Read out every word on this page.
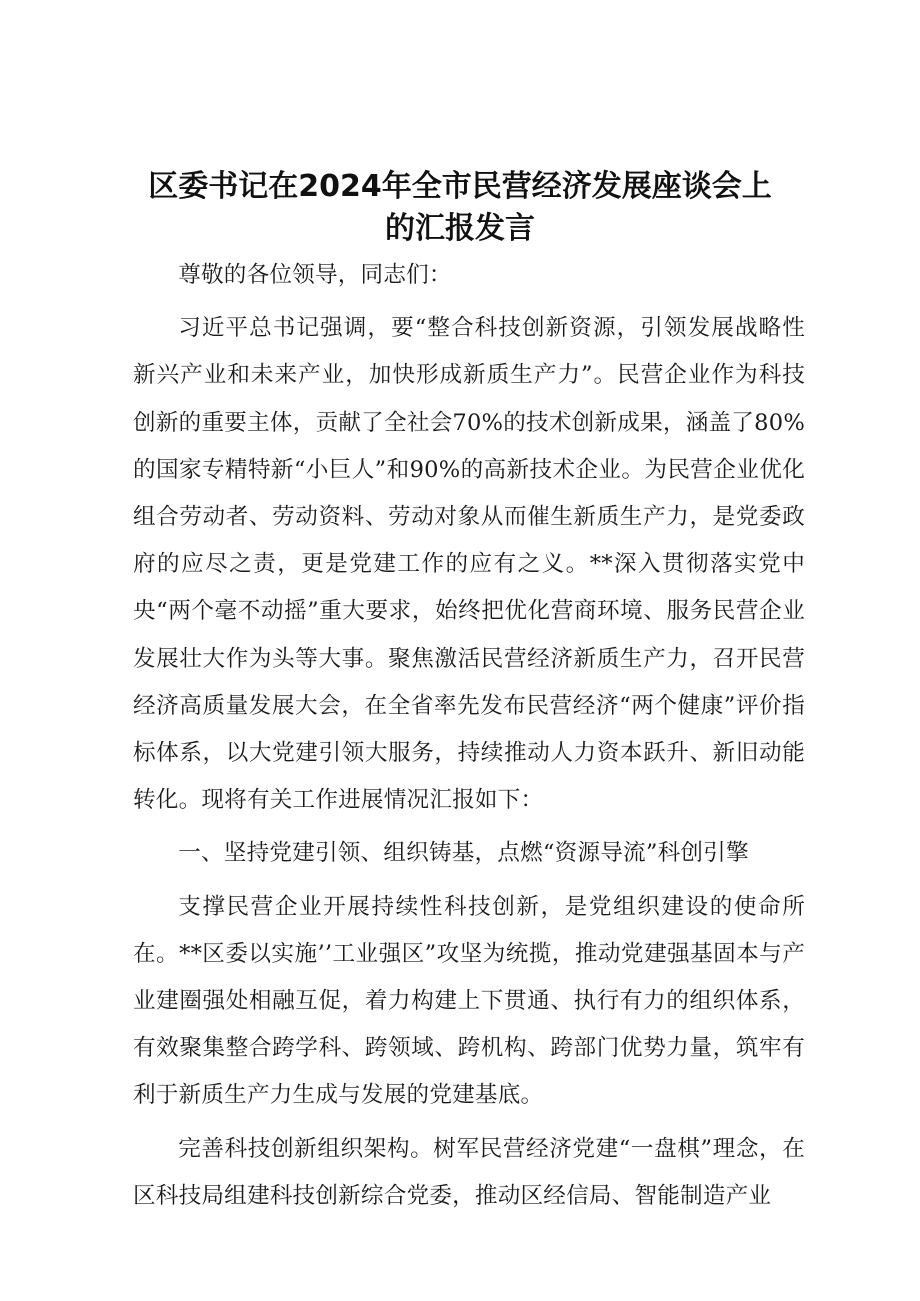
区委书记在2024年全市民营经济发展座谈会上
的汇报发言

尊敬的各位领导，同志们：

习近平总书记强调，要“整合科技创新资源，引领发展战略性新兴产业和未来产业，加快形成新质生产力”。民营企业作为科技创新的重要主体，贡献了全社会70%的技术创新成果，涵盖了80%的国家专精特新“小巨人”和90%的高新技术企业。为民营企业优化组合劳动者、劳动资料、劳动对象从而催生新质生产力，是党委政府的应尽之责，更是党建工作的应有之义。**深入贯彻落实党中央“两个毫不动摇”重大要求，始终把优化营商环境、服务民营企业发展壮大作为头等大事。聚焦激活民营经济新质生产力，召开民营经济高质量发展大会，在全省率先发布民营经济“两个健康”评价指标体系，以大党建引领大服务，持续推动人力资本跃升、新旧动能转化。现将有关工作进展情况汇报如下：

一、坚持党建引领、组织铸基，点燃“资源导流”科创引擎

支撑民营企业开展持续性科技创新，是党组织建设的使命所在。**区委以实施’’工业强区”攻坚为统揽，推动党建强基固本与产业建圈强处相融互促，着力构建上下贯通、执行有力的组织体系，有效聚集整合跨学科、跨领域、跨机构、跨部门优势力量，筑牢有利于新质生产力生成与发展的党建基底。

完善科技创新组织架构。树军民营经济党建“一盘棋”理念，在区科技局组建科技创新综合党委，推动区经信局、智能制造产业
